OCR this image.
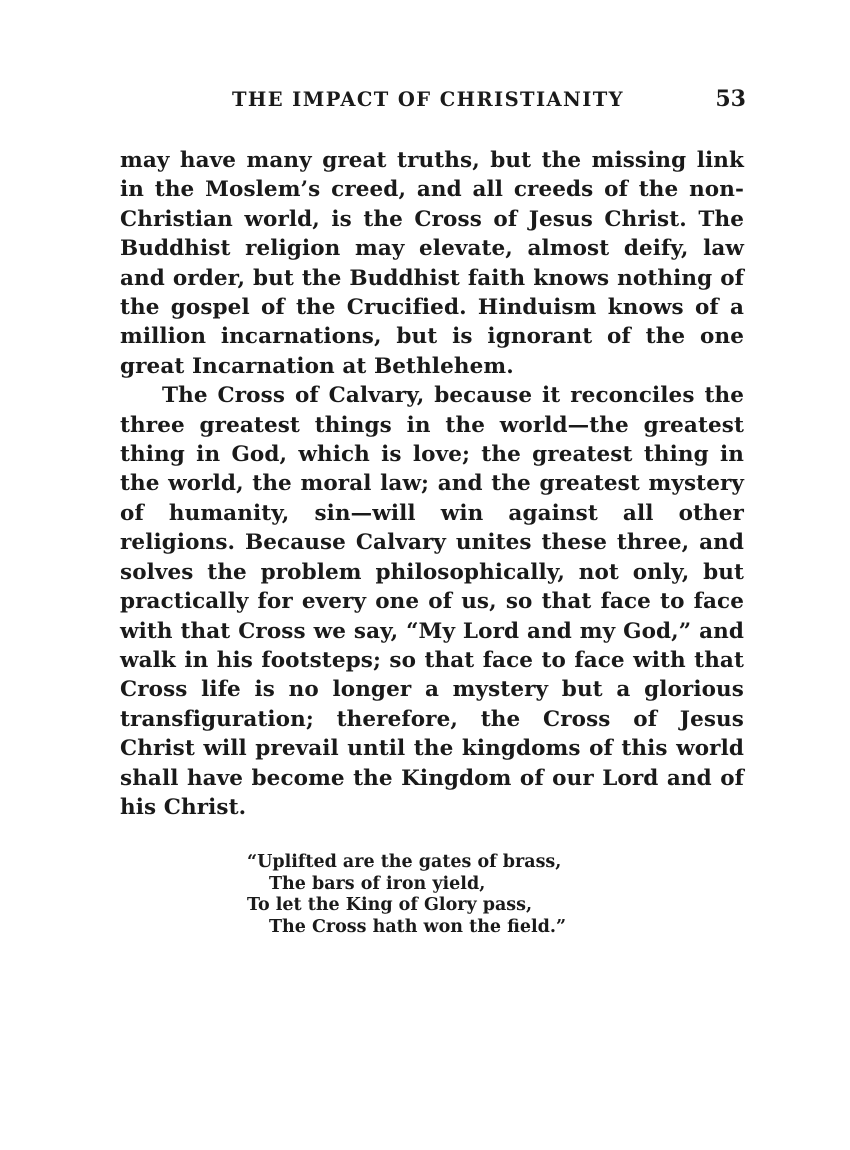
THE IMPACT OF CHRISTIANITY	53

may have many great truths, but the missing link in the Moslem’s creed, and all creeds of the non-Christian world, is the Cross of Jesus Christ. The Buddhist religion may elevate, almost deify, law and order, but the Buddhist faith knows nothing of the gospel of the Crucified. Hinduism knows of a million incarnations, but is ignorant of the one great Incarnation at Bethlehem.

The Cross of Calvary, because it reconciles the three greatest things in the world—the greatest thing in God, which is love; the greatest thing in the world, the moral law; and the greatest mystery of humanity, sin—will win against all other religions. Because Calvary unites these three, and solves the problem philosophically, not only, but practically for every one of us, so that face to face with that Cross we say, “My Lord and my God,” and walk in his footsteps; so that face to face with that Cross life is no longer a mystery but a glorious transfiguration; therefore, the Cross of Jesus Christ will prevail until the kingdoms of this world shall have become the Kingdom of our Lord and of his Christ.

“Uplifted are the gates of brass,
The bars of iron yield,
To let the King of Glory pass,
The Cross hath won the field.”
